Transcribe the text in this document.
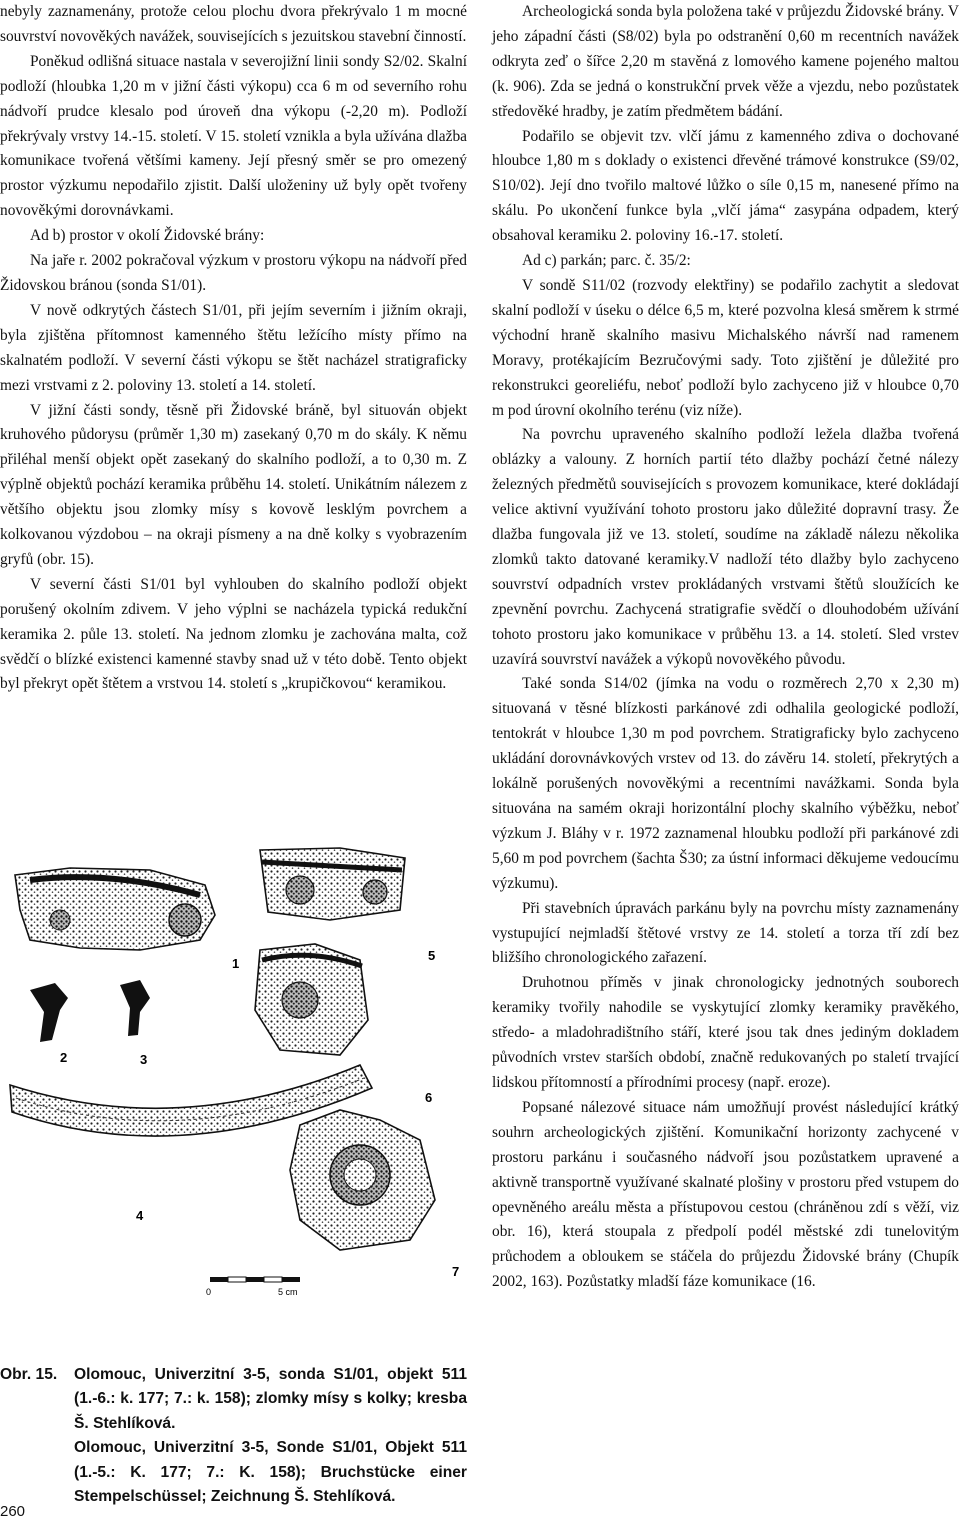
nebyly zaznamenány, protože celou plochu dvora překrývalo 1 m mocné souvrství novověkých navážek, souvisejících s jezuitskou stavební činností.

Poněkud odlišná situace nastala v severojižní linii sondy S2/02. Skalní podloží (hloubka 1,20 m v jižní části výkopu) cca 6 m od severního rohu nádvoří prudce klesalo pod úroveň dna výkopu (-2,20 m). Podloží překrývaly vrstvy 14.-15. století. V 15. století vznikla a byla užívána dlažba komunikace tvořená většími kameny. Její přesný směr se pro omezený prostor výzkumu nepodařilo zjistit. Další uloženiny už byly opět tvořeny novověkými dorovnávkami.

Ad b) prostor v okolí Židovské brány:

Na jaře r. 2002 pokračoval výzkum v prostoru výkopu na nádvoří před Židovskou bránou (sonda S1/01).

V nově odkrytých částech S1/01, při jejím severním i jižním okraji, byla zjištěna přítomnost kamenného štětu ležícího místy přímo na skalnatém podloží. V severní části výkopu se štět nacházel stratigraficky mezi vrstvami z 2. poloviny 13. století a 14. století.

V jižní části sondy, těsně při Židovské bráně, byl situován objekt kruhového půdorysu (průměr 1,30 m) zasekaný 0,70 m do skály. K němu přiléhal menší objekt opět zasekaný do skalního podloží, a to 0,30 m. Z výplně objektů pochází keramika průběhu 14. století. Unikátním nálezem z většího objektu jsou zlomky mísy s kovově lesklým povrchem a kolkovanou výzdobou – na okraji písmeny a na dně kolky s vyobrazením gryfů (obr. 15).

V severní části S1/01 byl vyhlouben do skalního podloží objekt porušený okolním zdivem. V jeho výplni se nacházela typická redukční keramika 2. půle 13. století. Na jednom zlomku je zachována malta, což svědčí o blízké existenci kamenné stavby snad už v této době. Tento objekt byl překryt opět štětem a vrstvou 14. století s „krupičkovou“ keramikou.

1
2	3
4
5
6
7
0	5 cm
Obr. 15.	Olomouc, Univerzitní 3-5, sonda S1/01, objekt 511 (1.-6.: k. 177; 7.: k. 158); zlomky mísy s kolky; kresba Š. Stehlíková.
Olomouc, Univerzitní 3-5, Sonde S1/01, Objekt 511 (1.-5.: K. 177; 7.: K. 158); Bruchstücke einer Stempelschüssel; Zeichnung Š. Stehlíková.

Archeologická sonda byla položena také v průjezdu Židovské brány. V jeho západní části (S8/02) byla po odstranění 0,60 m recentních navážek odkryta zeď o šířce 2,20 m stavěná z lomového kamene pojeného maltou (k. 906). Zda se jedná o konstrukční prvek věže a vjezdu, nebo pozůstatek středověké hradby, je zatím předmětem bádání.

Podařilo se objevit tzv. vlčí jámu z kamenného zdiva o dochované hloubce 1,80 m s doklady o existenci dřevěné trámové konstrukce (S9/02, S10/02). Její dno tvořilo maltové lůžko o síle 0,15 m, nanesené přímo na skálu. Po ukončení funkce byla „vlčí jáma“ zasypána odpadem, který obsahoval keramiku 2. poloviny 16.-17. století.

Ad c) parkán; parc. č. 35/2:

V sondě S11/02 (rozvody elektřiny) se podařilo zachytit a sledovat skalní podloží v úseku o délce 6,5 m, které pozvolna klesá směrem k strmé východní hraně skalního masivu Michalského návrší nad ramenem Moravy, protékajícím Bezručovými sady. Toto zjištění je důležité pro rekonstrukci georeliéfu, neboť podloží bylo zachyceno již v hloubce 0,70 m pod úrovní okolního terénu (viz níže).

Na povrchu upraveného skalního podloží ležela dlažba tvořená oblázky a valouny. Z horních partií této dlažby pochází četné nálezy železných předmětů souvisejících s provozem komunikace, které dokládají velice aktivní využívání tohoto prostoru jako důležité dopravní trasy. Že dlažba fungovala již ve 13. století, soudíme na základě nálezu několika zlomků takto datované keramiky.V nadloží této dlažby bylo zachyceno souvrství odpadních vrstev prokládaných vrstvami štětů sloužících ke zpevnění povrchu. Zachycená stratigrafie svědčí o dlouhodobém užívání tohoto prostoru jako komunikace v průběhu 13. a 14. století. Sled vrstev uzavírá souvrství navážek a výkopů novověkého původu.

Také sonda S14/02 (jímka na vodu o rozměrech 2,70 x 2,30 m) situovaná v těsné blízkosti parkánové zdi odhalila geologické podloží, tentokrát v hloubce 1,30 m pod povrchem. Stratigraficky bylo zachyceno ukládání dorovnávkových vrstev od 13. do závěru 14. století, překrytých a lokálně porušených novověkými a recentními navážkami. Sonda byla situována na samém okraji horizontální plochy skalního výběžku, neboť výzkum J. Bláhy v r. 1972 zaznamenal hloubku podloží při parkánové zdi 5,60 m pod povrchem (šachta Š30; za ústní informaci děkujeme vedoucímu výzkumu).

Při stavebních úpravách parkánu byly na povrchu místy zaznamenány vystupující nejmladší štětové vrstvy ze 14. století a torza tří zdí bez bližšího chronologického zařazení.

Druhotnou příměs v jinak chronologicky jednotných souborech keramiky tvořily nahodile se vyskytující zlomky keramiky pravěkého, středo- a mladohradištního stáří, které jsou tak dnes jediným dokladem původních vrstev starších období, značně redukovaných po staletí trvající lidskou přítomností a přírodními procesy (např. eroze).

Popsané nálezové situace nám umožňují provést následující krátký souhrn archeologických zjištění. Komunikační horizonty zachycené v prostoru parkánu i současného nádvoří jsou pozůstatkem upravené a aktivně transportně využívané skalnaté plošiny v prostoru před vstupem do opevněného areálu města a přístupovou cestou (chráněnou zdí s věží, viz obr. 16), která stoupala z předpolí podél městské zdi tunelovitým průchodem a obloukem se stáčela do průjezdu Židovské brány (Chupík 2002, 163). Pozůstatky mladší fáze komunikace (16.

260
